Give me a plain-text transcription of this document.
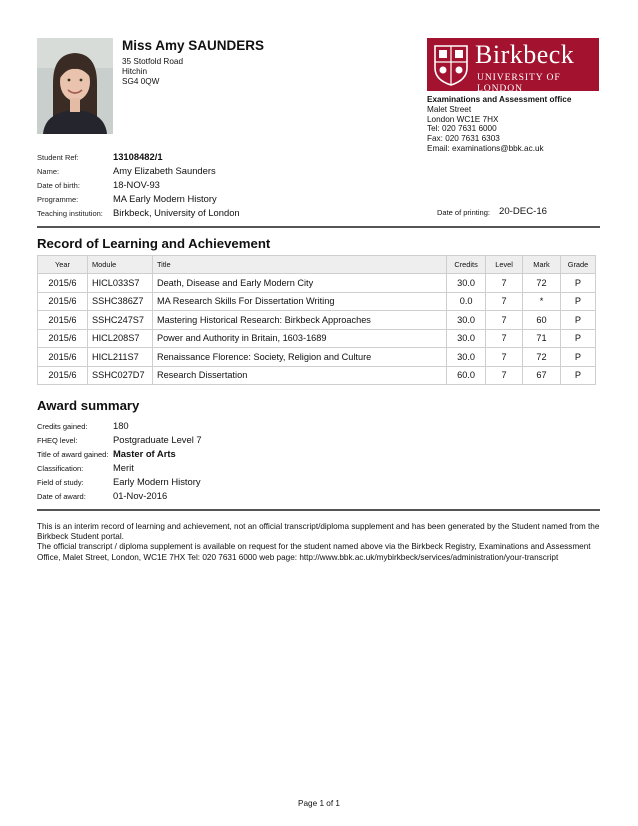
Miss Amy SAUNDERS
35 Stotfold Road
Hitchin
SG4 0QW
Birkbeck
UNIVERSITY OF LONDON
Examinations and Assessment office
Malet Street
London WC1E 7HX
Tel: 020 7631 6000
Fax: 020 7631 6303
Email: examinations@bbk.ac.uk
Student Ref:	13108482/1
Name:	Amy Elizabeth Saunders
Date of birth:	18-NOV-93
Programme:	MA Early Modern History
Teaching institution: Birkbeck, University of London	Date of printing: 20-DEC-16
Record of Learning and Achievement
Year	Module	Title	Credits	Level	Mark	Grade
2015/6	HICL033S7	Death, Disease and Early Modern City	30.0	7	72	P
2015/6	SSHC386Z7	MA Research Skills For Dissertation Writing	0.0	7	*	P
2015/6	SSHC247S7	Mastering Historical Research: Birkbeck Approaches	30.0	7	60	P
2015/6	HICL208S7	Power and Authority in Britain, 1603-1689	30.0	7	71	P
2015/6	HICL211S7	Renaissance Florence: Society, Religion and Culture	30.0	7	72	P
2015/6	SSHC027D7	Research Dissertation	60.0	7	67	P
Award summary
Credits gained:	180
FHEQ level:	Postgraduate Level 7
Title of award gained: Master of Arts
Classification:	Merit
Field of study:	Early Modern History
Date of award:	01-Nov-2016

This is an interim record of learning and achievement, not an official transcript/diploma supplement and has been generated by the Student named from the Birkbeck Student portal.

The official transcript / diploma supplement is available on request for the student named above via the Birkbeck Registry, Examinations and Assessment Office, Malet Street, London, WC1E 7HX Tel: 020 7631 6000 web page: http://www.bbk.ac.uk/mybirkbeck/services/administration/your-transcript

Page 1 of 1
